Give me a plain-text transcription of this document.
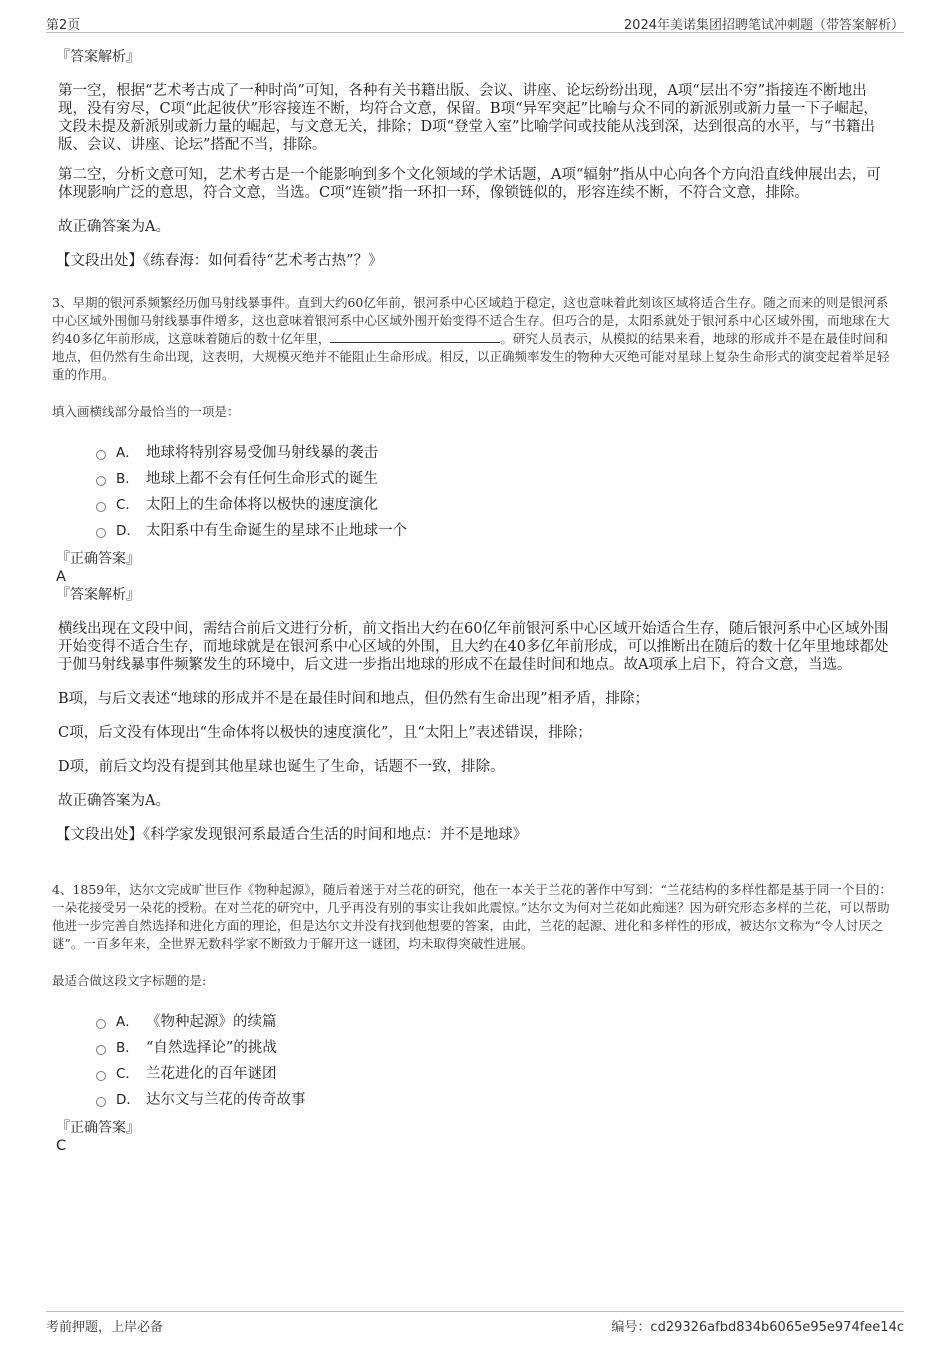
第2页	2024年美诺集团招聘笔试冲刺题（带答案解析）

『答案解析』

第一空，根据“艺术考古成了一种时尚”可知，各种有关书籍出版、会议、讲座、论坛纷纷出现，A项“层出不穷”指接连不断地出现，没有穷尽，C项“此起彼伏”形容接连不断，均符合文意，保留。B项“异军突起”比喻与众不同的新派别或新力量一下子崛起，文段未提及新派别或新力量的崛起，与文意无关，排除；D项“登堂入室”比喻学问或技能从浅到深，达到很高的水平，与“书籍出版、会议、讲座、论坛”搭配不当，排除。

第二空，分析文意可知，艺术考古是一个能影响到多个文化领域的学术话题，A项“辐射”指从中心向各个方向沿直线伸展出去，可体现影响广泛的意思，符合文意，当选。C项“连锁”指一环扣一环，像锁链似的，形容连续不断，不符合文意，排除。

故正确答案为A。

【文段出处】《练春海：如何看待“艺术考古热”？》

3、早期的银河系频繁经历伽马射线暴事件。直到大约60亿年前，银河系中心区域趋于稳定，这也意味着此刻该区域将适合生存。随之而来的则是银河系中心区域外围伽马射线暴事件增多，这也意味着银河系中心区域外围开始变得不适合生存。但巧合的是，太阳系就处于银河系中心区域外围，而地球在大约40多亿年前形成，这意味着随后的数十亿年里，	。研究人员表示，从模拟的结果来看，地球的形成并不是在最佳时间和地点，但仍然有生命出现，这表明，大规模灭绝并不能阻止生命形成。相反，以正确频率发生的物种大灭绝可能对星球上复杂生命形式的演变起着举足轻重的作用。

填入画横线部分最恰当的一项是：

A． 地球将特别容易受伽马射线暴的袭击
B． 地球上都不会有任何生命形式的诞生
C． 太阳上的生命体将以极快的速度演化
D． 太阳系中有生命诞生的星球不止地球一个

『正确答案』

A

『答案解析』

横线出现在文段中间，需结合前后文进行分析，前文指出大约在60亿年前银河系中心区域开始适合生存，随后银河系中心区域外围开始变得不适合生存，而地球就是在银河系中心区域的外围，且大约在40多亿年前形成，可以推断出在随后的数十亿年里地球都处于伽马射线暴事件频繁发生的环境中，后文进一步指出地球的形成不在最佳时间和地点。故A项承上启下，符合文意，当选。

B项，与后文表述“地球的形成并不是在最佳时间和地点，但仍然有生命出现”相矛盾，排除；

C项，后文没有体现出“生命体将以极快的速度演化”，且“太阳上”表述错误，排除；

D项，前后文均没有提到其他星球也诞生了生命，话题不一致，排除。

故正确答案为A。

【文段出处】《科学家发现银河系最适合生活的时间和地点：并不是地球》

4、1859年，达尔文完成旷世巨作《物种起源》，随后着迷于对兰花的研究，他在一本关于兰花的著作中写到：“兰花结构的多样性都是基于同一个目的：一朵花接受另一朵花的授粉。在对兰花的研究中，几乎再没有别的事实让我如此震惊。”达尔文为何对兰花如此痴迷？因为研究形态多样的兰花，可以帮助他进一步完善自然选择和进化方面的理论，但是达尔文并没有找到他想要的答案，由此，兰花的起源、进化和多样性的形成，被达尔文称为“令人讨厌之谜”。一百多年来，全世界无数科学家不断致力于解开这一谜团，均未取得突破性进展。

最适合做这段文字标题的是:

A． 《物种起源》的续篇
B． “自然选择论”的挑战
C． 兰花进化的百年谜团
D． 达尔文与兰花的传奇故事

『正确答案』

C

考前押题，上岸必备	编号：cd29326afbd834b6065e95e974fee14c
